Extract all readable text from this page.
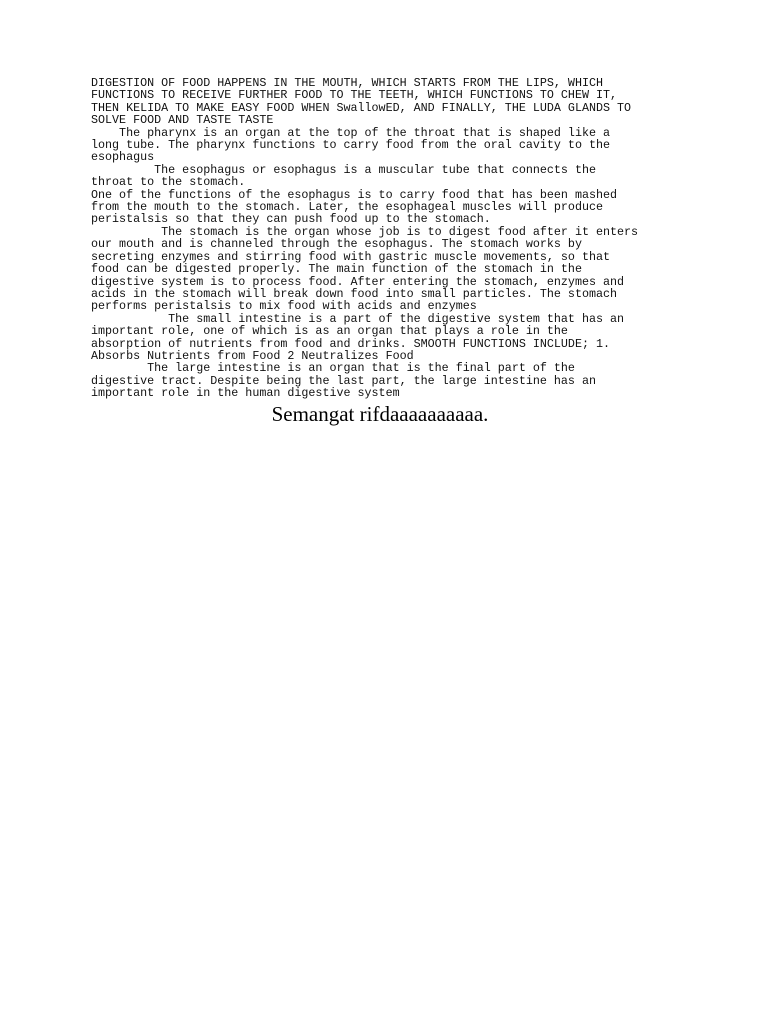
DIGESTION OF FOOD HAPPENS IN THE MOUTH, WHICH STARTS FROM THE LIPS, WHICH

FUNCTIONS TO RECEIVE FURTHER FOOD TO THE TEETH, WHICH FUNCTIONS TO CHEW IT,

THEN KELIDA TO MAKE EASY FOOD WHEN SwallowED, AND FINALLY, THE LUDA GLANDS TO

SOLVE FOOD AND TASTE TASTE

The pharynx is an organ at the top of the throat that is shaped like a

long tube. The pharynx functions to carry food from the oral cavity to the

esophagus

The esophagus or esophagus is a muscular tube that connects the

throat to the stomach.

One of the functions of the esophagus is to carry food that has been mashed

from the mouth to the stomach. Later, the esophageal muscles will produce

peristalsis so that they can push food up to the stomach.

The stomach is the organ whose job is to digest food after it enters

our mouth and is channeled through the esophagus. The stomach works by

secreting enzymes and stirring food with gastric muscle movements, so that

food can be digested properly. The main function of the stomach in the

digestive system is to process food. After entering the stomach, enzymes and

acids in the stomach will break down food into small particles. The stomach

performs peristalsis to mix food with acids and enzymes

The small intestine is a part of the digestive system that has an

important role, one of which is as an organ that plays a role in the

absorption of nutrients from food and drinks. SMOOTH FUNCTIONS INCLUDE; 1.

Absorbs Nutrients from Food 2 Neutralizes Food

The large intestine is an organ that is the final part of the

digestive tract. Despite being the last part, the large intestine has an

important role in the human digestive system

Semangat rifdaaaaaaaaaa.
